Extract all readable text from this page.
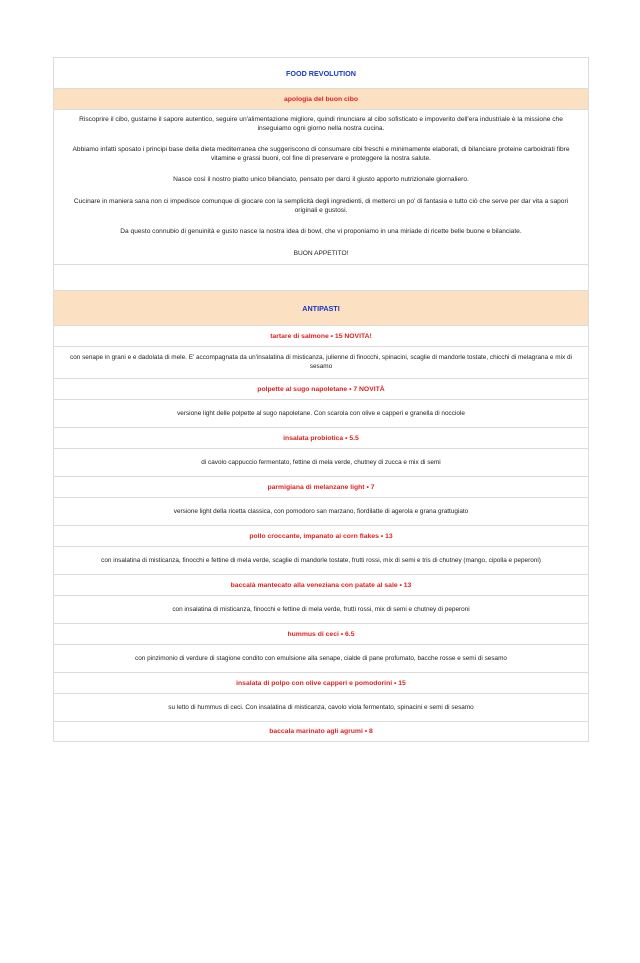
FOOD REVOLUTION
apologia del buon cibo

Riscoprire il cibo, gustarne il sapore autentico, seguire un'alimentazione migliore, quindi rinunciare al cibo sofisticato e impoverito dell'era industriale è la missione che inseguiamo ogni giorno nella nostra cucina.

Abbiamo infatti sposato i principi base della dieta mediterranea che suggeriscono di consumare cibi freschi e minimamente elaborati, di bilanciare proteine carboidrati fibre vitamine e grassi buoni, col fine di preservare e proteggere la nostra salute.

Nasce così il nostro piatto unico bilanciato, pensato per darci il giusto apporto nutrizionale giornaliero.

Cucinare in maniera sana non ci impedisce comunque di giocare con la semplicità degli ingredienti, di metterci un po' di fantasia e tutto ciò che serve per dar vita a sapori originali e gustosi.

Da questo connubio di genuinità e gusto nasce la nostra idea di bowl, che vi proponiamo in una miriade di ricette belle buone e bilanciate.

BUON APPETITO!

ANTIPASTI
tartare di salmone • 15 NOVITA!
con senape in grani e e dadolata di mele. E' accompagnata da un'insalatina di misticanza, julienne di finocchi, spinacini, scaglie di mandorle tostate, chicchi di melagrana e mix di sesamo
polpette al sugo napoletane • 7 NOVITÀ
versione light delle polpette al sugo napoletane. Con scarola con olive e capperi e granella di nocciole
insalata probiotica • 5.5
di cavolo cappuccio fermentato, fettine di mela verde, chutney di zucca e mix di semi
parmigiana di melanzane light • 7
versione light della ricetta classica, con pomodoro san marzano, fiordilatte di agerola e grana grattugiato
pollo croccante, impanato ai corn flakes • 13
con insalatina di misticanza, finocchi e fettine di mela verde, scaglie di mandorle tostate, frutti rossi, mix di semi e tris di chutney (mango, cipolla e peperoni)
baccalà mantecato alla veneziana con patate al sale • 13
con insalatina di misticanza, finocchi e fettine di mela verde, frutti rossi, mix di semi e chutney di peperoni
hummus di ceci • 6.5
con pinzimonio di verdure di stagione condito con emulsione alla senape, cialde di pane profumato, bacche rosse e semi di sesamo
insalata di polpo con olive capperi e pomodorini • 15
su letto di hummus di ceci. Con insalatina di misticanza, cavolo viola fermentato, spinacini e semi di sesamo
baccala marinato agli agrumi • 8
